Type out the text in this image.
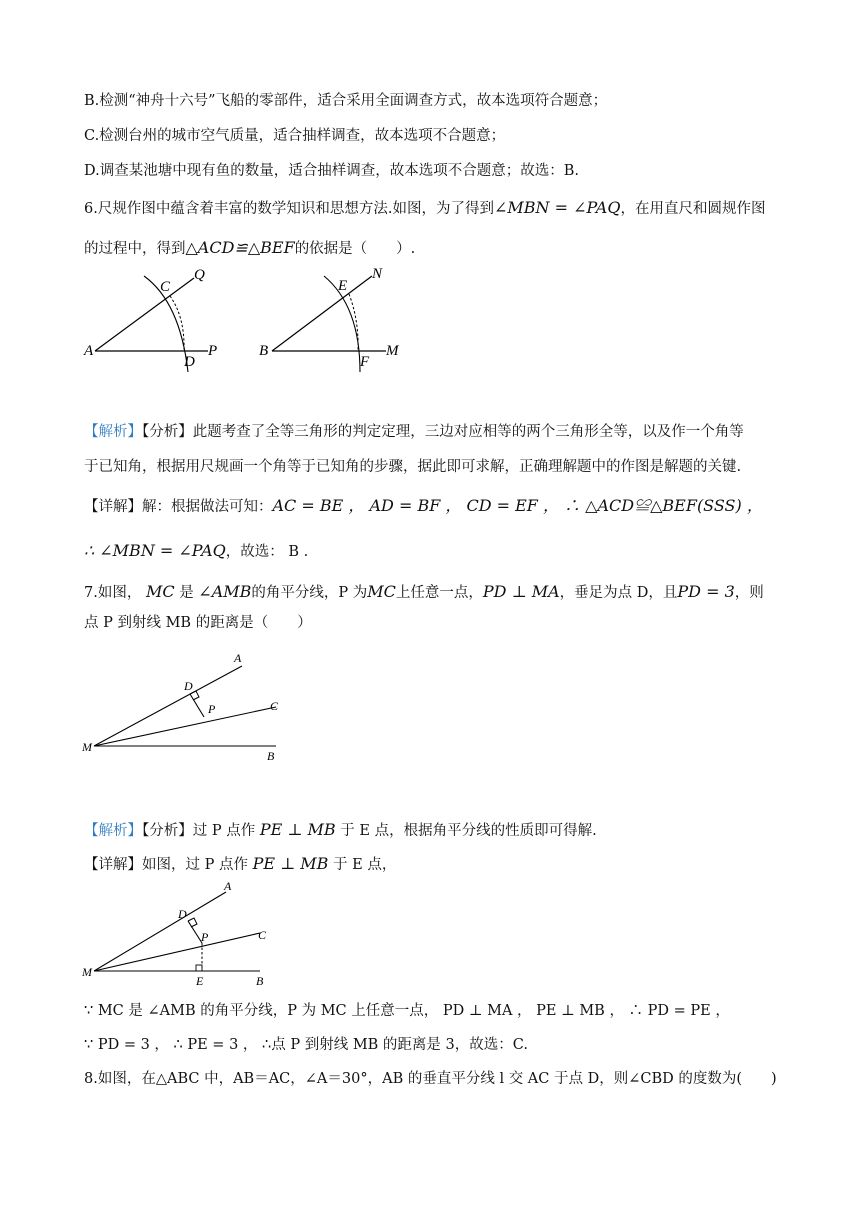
B.检测“神舟十六号”飞船的零部件，适合采用全面调查方式，故本选项符合题意；
C.检测台州的城市空气质量，适合抽样调查，故本选项不合题意；
D.调查某池塘中现有鱼的数量，适合抽样调查，故本选项不合题意；故选：B.
6.尺规作图中蕴含着丰富的数学知识和思想方法.如图，为了得到∠MBN = ∠PAQ，在用直尺和圆规作图
的过程中，得到△ACD≌△BEF的依据是（　　）.
A
C
Q
D
P	B
E
N
F
M
【解析】【分析】此题考查了全等三角形的判定定理，三边对应相等的两个三角形全等，以及作一个角等
于已知角，根据用尺规画一个角等于已知角的步骤，据此即可求解，正确理解题中的作图是解题的关键.
【详解】解：根据做法可知：AC = BE ， AD = BF ， CD = EF ， ∴ △ACD≌△BEF(SSS) ，
∴ ∠MBN = ∠PAQ，故选： B .
7.如图， MC 是 ∠AMB的角平分线，P 为MC上任意一点，PD ⊥ MA，垂足为点 D，且PD = 3，则
点 P 到射线 MB 的距离是（　　）
A
D
P	C
M
B
【解析】【分析】过 P 点作 PE ⊥ MB 于 E 点，根据角平分线的性质即可得解.
【详解】如图，过 P 点作 PE ⊥ MB 于 E 点，
A
D
P	C
M
E	B
∵ MC 是 ∠AMB 的角平分线，P 为 MC 上任意一点， PD ⊥ MA ， PE ⊥ MB ， ∴ PD = PE ，
∵ PD = 3 ， ∴ PE = 3 ， ∴点 P 到射线 MB 的距离是 3，故选：C.
8.如图，在△ABC 中，AB＝AC，∠A＝30°，AB 的垂直平分线 l 交 AC 于点 D，则∠CBD 的度数为(　　)
